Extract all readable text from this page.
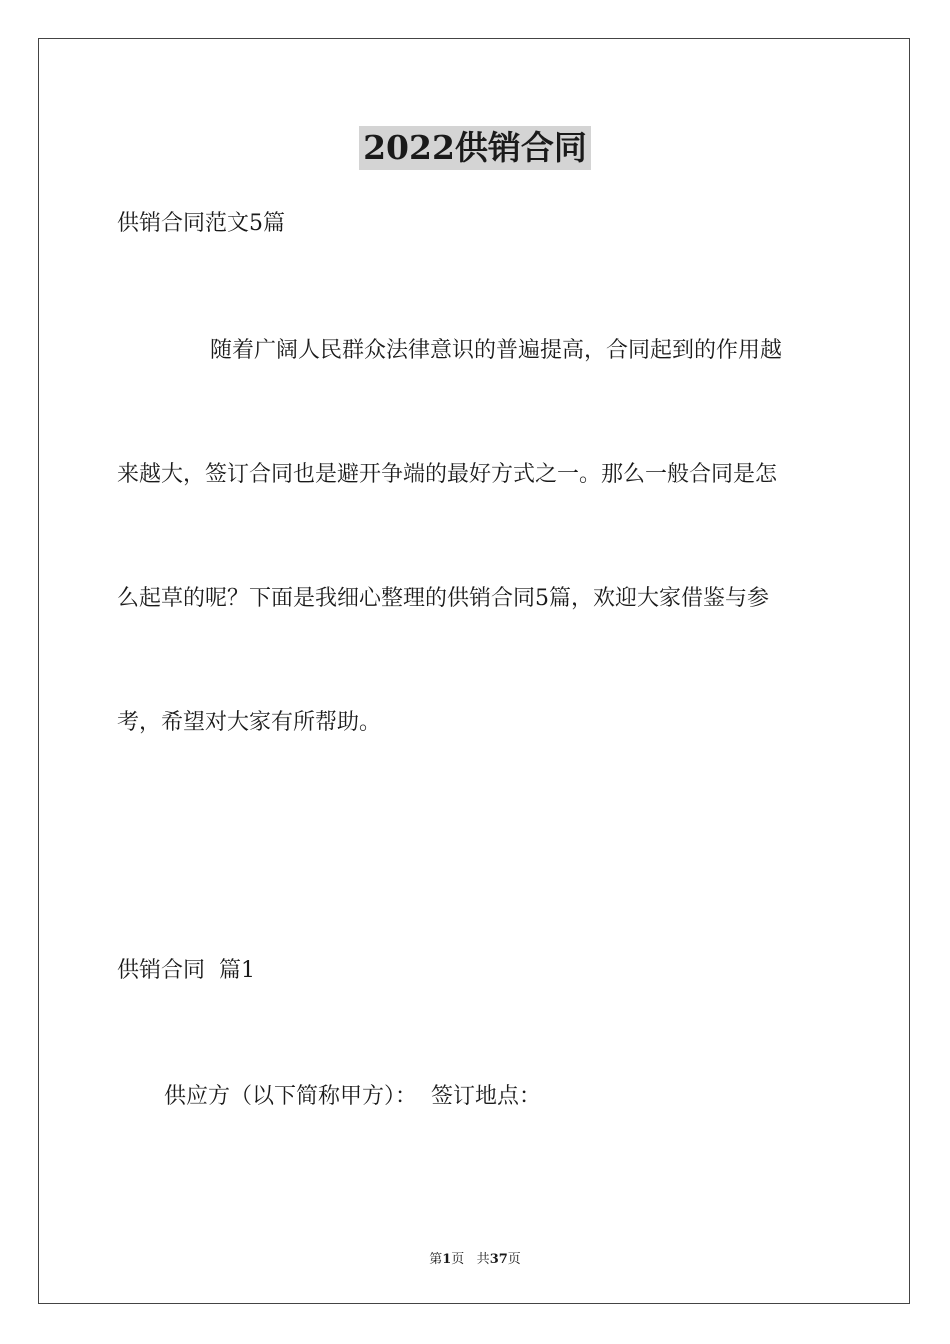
2022供销合同
供销合同范文5篇
随着广阔人民群众法律意识的普遍提高，合同起到的作用越
来越大，签订合同也是避开争端的最好方式之一。那么一般合同是怎
么起草的呢？下面是我细心整理的供销合同5篇，欢迎大家借鉴与参
考，希望对大家有所帮助。
供销合同  篇1
供应方（以下简称甲方）：  签订地点：
第1页 共37页
